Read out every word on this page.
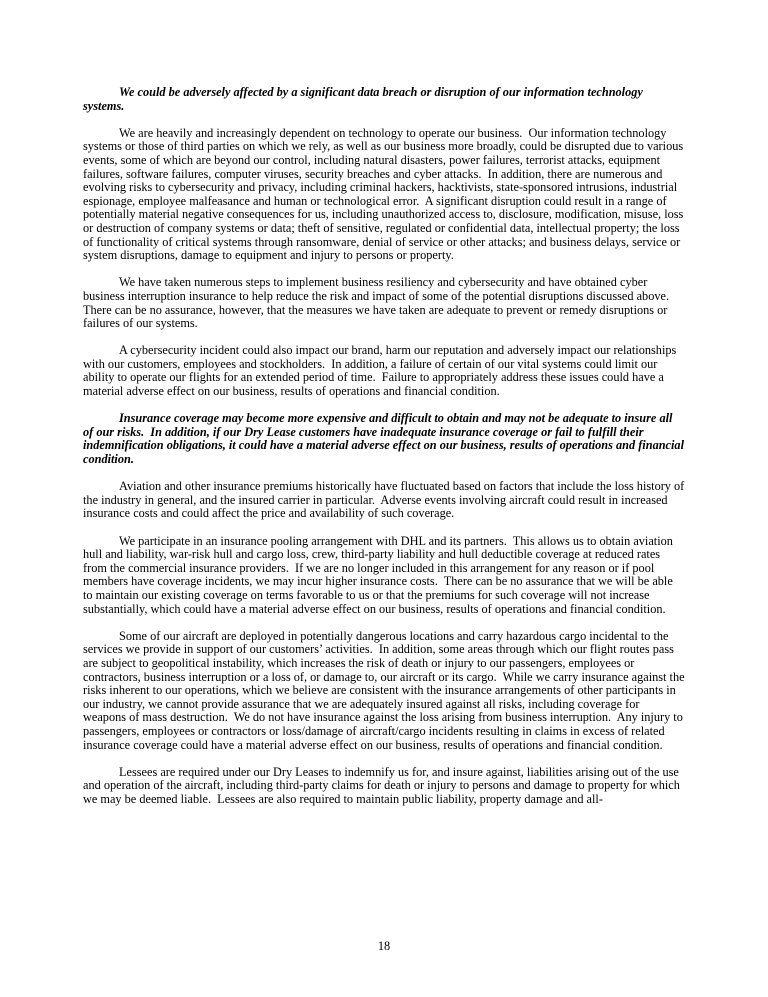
We could be adversely affected by a significant data breach or disruption of our information technology systems.

We are heavily and increasingly dependent on technology to operate our business.  Our information technology systems or those of third parties on which we rely, as well as our business more broadly, could be disrupted due to various events, some of which are beyond our control, including natural disasters, power failures, terrorist attacks, equipment failures, software failures, computer viruses, security breaches and cyber attacks.  In addition, there are numerous and evolving risks to cybersecurity and privacy, including criminal hackers, hacktivists, state-sponsored intrusions, industrial espionage, employee malfeasance and human or technological error.  A significant disruption could result in a range of potentially material negative consequences for us, including unauthorized access to, disclosure, modification, misuse, loss or destruction of company systems or data; theft of sensitive, regulated or confidential data, intellectual property; the loss of functionality of critical systems through ransomware, denial of service or other attacks; and business delays, service or system disruptions, damage to equipment and injury to persons or property.

We have taken numerous steps to implement business resiliency and cybersecurity and have obtained cyber business interruption insurance to help reduce the risk and impact of some of the potential disruptions discussed above.   There can be no assurance, however, that the measures we have taken are adequate to prevent or remedy disruptions or failures of our systems.

A cybersecurity incident could also impact our brand, harm our reputation and adversely impact our relationships with our customers, employees and stockholders.  In addition, a failure of certain of our vital systems could limit our ability to operate our flights for an extended period of time.  Failure to appropriately address these issues could have a material adverse effect on our business, results of operations and financial condition.

Insurance coverage may become more expensive and difficult to obtain and may not be adequate to insure all of our risks.  In addition, if our Dry Lease customers have inadequate insurance coverage or fail to fulfill their indemnification obligations, it could have a material adverse effect on our business, results of operations and financial condition.

Aviation and other insurance premiums historically have fluctuated based on factors that include the loss history of the industry in general, and the insured carrier in particular.  Adverse events involving aircraft could result in increased insurance costs and could affect the price and availability of such coverage.

We participate in an insurance pooling arrangement with DHL and its partners.  This allows us to obtain aviation hull and liability, war-risk hull and cargo loss, crew, third-party liability and hull deductible coverage at reduced rates from the commercial insurance providers.  If we are no longer included in this arrangement for any reason or if pool members have coverage incidents, we may incur higher insurance costs.  There can be no assurance that we will be able to maintain our existing coverage on terms favorable to us or that the premiums for such coverage will not increase substantially, which could have a material adverse effect on our business, results of operations and financial condition.

Some of our aircraft are deployed in potentially dangerous locations and carry hazardous cargo incidental to the services we provide in support of our customers’ activities.  In addition, some areas through which our flight routes pass are subject to geopolitical instability, which increases the risk of death or injury to our passengers, employees or contractors, business interruption or a loss of, or damage to, our aircraft or its cargo.  While we carry insurance against the risks inherent to our operations, which we believe are consistent with the insurance arrangements of other participants in our industry, we cannot provide assurance that we are adequately insured against all risks, including coverage for weapons of mass destruction.  We do not have insurance against the loss arising from business interruption.  Any injury to passengers, employees or contractors or loss/damage of aircraft/cargo incidents resulting in claims in excess of related insurance coverage could have a material adverse effect on our business, results of operations and financial condition.

Lessees are required under our Dry Leases to indemnify us for, and insure against, liabilities arising out of the use and operation of the aircraft, including third-party claims for death or injury to persons and damage to property for which we may be deemed liable.  Lessees are also required to maintain public liability, property damage and all-

18
